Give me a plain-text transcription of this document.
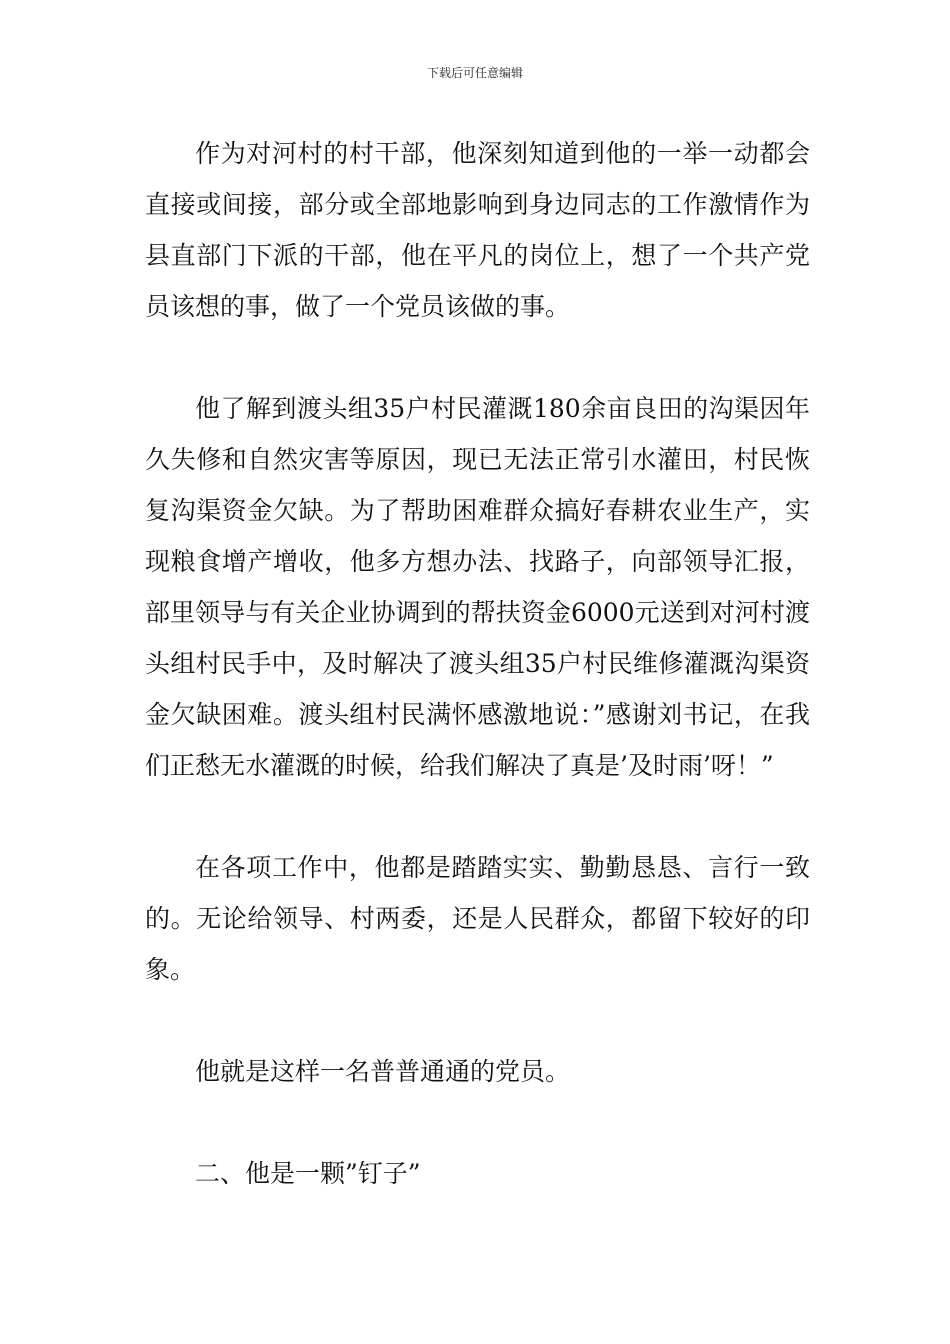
下载后可任意编辑

作为对河村的村干部，他深刻知道到他的一举一动都会直接或间接，部分或全部地影响到身边同志的工作激情作为县直部门下派的干部，他在平凡的岗位上，想了一个共产党员该想的事，做了一个党员该做的事。

他了解到渡头组35户村民灌溉180余亩良田的沟渠因年久失修和自然灾害等原因，现已无法正常引水灌田，村民恢复沟渠资金欠缺。为了帮助困难群众搞好春耕农业生产，实现粮食增产增收，他多方想办法、找路子，向部领导汇报，部里领导与有关企业协调到的帮扶资金6000元送到对河村渡头组村民手中，及时解决了渡头组35户村民维修灌溉沟渠资金欠缺困难。渡头组村民满怀感激地说：”感谢刘书记，在我们正愁无水灌溉的时候，给我们解决了真是’及时雨’呀！”

在各项工作中，他都是踏踏实实、勤勤恳恳、言行一致的。无论给领导、村两委，还是人民群众，都留下较好的印象。

他就是这样一名普普通通的党员。

二、他是一颗”钉子”
